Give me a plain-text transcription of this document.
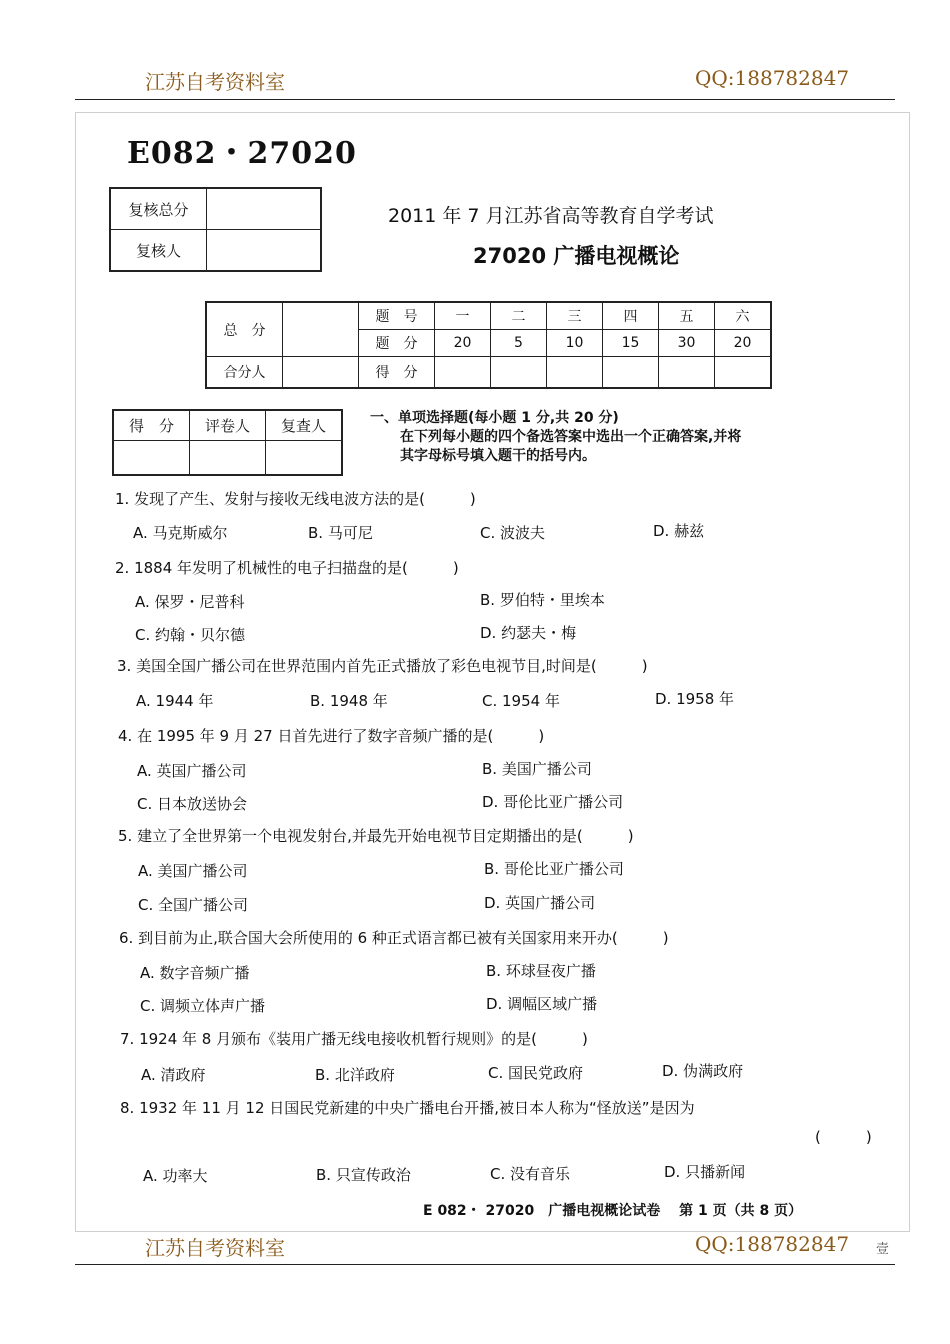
江苏自考资料室	QQ:188782847
E082・27020
复核总分	
复核人	
2011 年 7 月江苏省高等教育自学考试
27020 广播电视概论
总　分		题　号	一	二	三	四	五	六
		题　分	20	5	10	15	30	20
合分人		得　分						
得　分	评卷人	复查人
			一、单项选择题(每小题 1 分,共 20 分)
在下列每小题的四个备选答案中选出一个正确答案,并将
其字母标号填入题干的括号内。
1. 发现了产生、发射与接收无线电波方法的是(　　　)
A. 马克斯威尔	B. 马可尼	C. 波波夫	D. 赫兹
2. 1884 年发明了机械性的电子扫描盘的是(　　　)
A. 保罗・尼普科	B. 罗伯特・里埃本
C. 约翰・贝尔德	D. 约瑟夫・梅
3. 美国全国广播公司在世界范围内首先正式播放了彩色电视节目,时间是(　　　)
A. 1944 年	B. 1948 年	C. 1954 年	D. 1958 年
4. 在 1995 年 9 月 27 日首先进行了数字音频广播的是(　　　)
A. 英国广播公司	B. 美国广播公司
C. 日本放送协会	D. 哥伦比亚广播公司
5. 建立了全世界第一个电视发射台,并最先开始电视节目定期播出的是(　　　)
A. 美国广播公司	B. 哥伦比亚广播公司
C. 全国广播公司	D. 英国广播公司
6. 到目前为止,联合国大会所使用的 6 种正式语言都已被有关国家用来开办(　　　)
A. 数字音频广播	B. 环球昼夜广播
C. 调频立体声广播	D. 调幅区域广播
7. 1924 年 8 月颁布《装用广播无线电接收机暂行规则》的是(　　　)
A. 清政府	B. 北洋政府	C. 国民党政府	D. 伪满政府
8. 1932 年 11 月 12 日国民党新建的中央广播电台开播,被日本人称为“怪放送”是因为
(　　　)
A. 功率大	B. 只宣传政治	C. 没有音乐	D. 只播新闻
E 082・ 27020　广播电视概论试卷　 第 1 页（共 8 页）
江苏自考资料室	QQ:188782847 壹
